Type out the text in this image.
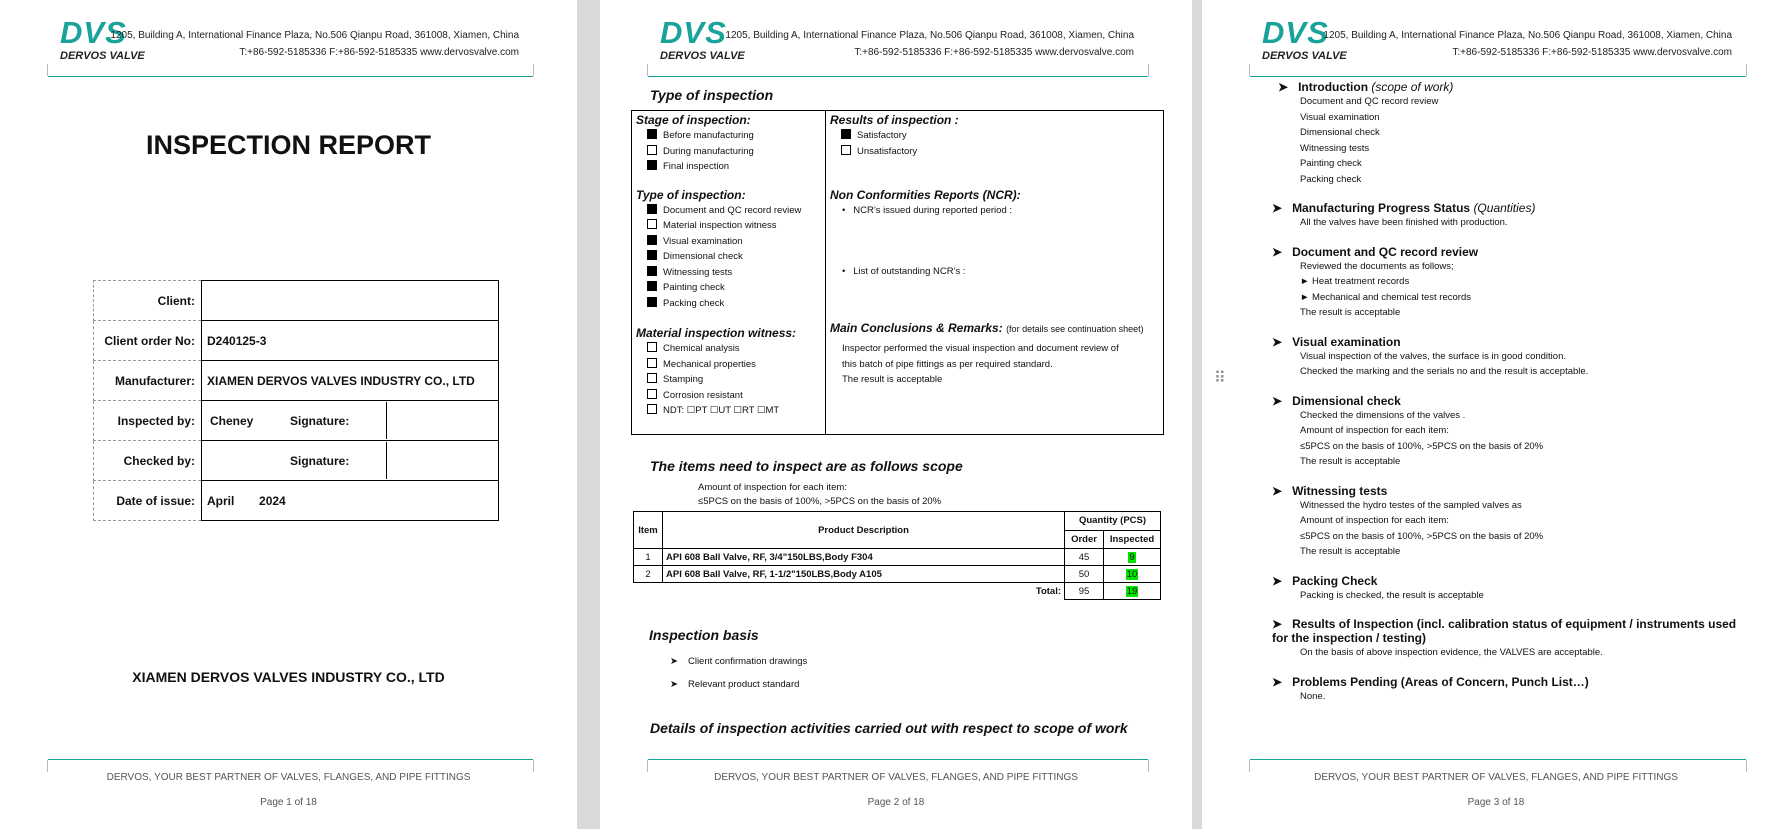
DVS
DERVOS VALVE
1205, Building A, International Finance Plaza, No.506 Qianpu Road, 361008, Xiamen, China
T:+86-592-5185336 F:+86-592-5185335 www.dervosvalve.com
INSPECTION REPORT
Client:	
Client order No:	D240125-3
Manufacturer:	XIAMEN DERVOS VALVES INDUSTRY CO., LTD
Inspected by:	Cheney Signature:

Checked by:	Signature:

Date of issue:	April 2024
XIAMEN DERVOS VALVES INDUSTRY CO., LTD
DERVOS, YOUR BEST PARTNER OF VALVES, FLANGES, AND PIPE FITTINGS
Page 1 of 18
DVS
DERVOS VALVE
1205, Building A, International Finance Plaza, No.506 Qianpu Road, 361008, Xiamen, China
T:+86-592-5185336 F:+86-592-5185335 www.dervosvalve.com
Type of inspection
Stage of inspection:
Before manufacturing
During manufacturing
Final inspection
Type of inspection:
Document and QC record review
Material inspection witness
Visual examination
Dimensional check
Witnessing tests
Painting check
Packing check
Material inspection witness:
Chemical analysis
Mechanical properties
Stamping
Corrosion resistant
NDT: ☐PT ☐UT ☐RT ☐MT
Results of inspection :
Satisfactory
Unsatisfactory
Non Conformities Reports (NCR):
•   NCR’s issued during reported period :
•   List of outstanding NCR’s :
Main Conclusions & Remarks: (for details see continuation sheet)
Inspector performed the visual inspection and document review of
this batch of pipe fittings as per required standard.
The result is acceptable
The items need to inspect are as follows scope
Amount of inspection for each item:
≤5PCS on the basis of 100%, >5PCS on the basis of 20%
Item	Product Description	Quantity (PCS)	
		Order	Inspected
1	API 608 Ball Valve, RF, 3/4"150LBS,Body F304	45	9
2	API 608 Ball Valve, RF, 1-1/2"150LBS,Body A105	50	10
Total:		95	19
Inspection basis
➤ Client confirmation drawings
➤ Relevant product standard
Details of inspection activities carried out with respect to scope of work
DERVOS, YOUR BEST PARTNER OF VALVES, FLANGES, AND PIPE FITTINGS
Page 2 of 18
DVS
DERVOS VALVE
1205, Building A, International Finance Plaza, No.506 Qianpu Road, 361008, Xiamen, China
T:+86-592-5185336 F:+86-592-5185335 www.dervosvalve.com
➤ Introduction (scope of work)
Document and QC record review
Visual examination
Dimensional check
Witnessing tests
Painting check
Packing check
➤ Manufacturing Progress Status (Quantities)
All the valves have been finished with production.
➤ Document and QC record review
Reviewed the documents as follows;
► Heat treatment records
► Mechanical and chemical test records
The result is acceptable
➤ Visual examination
Visual inspection of the valves, the surface is in good condition.
Checked the marking and the serials no and the result is acceptable.
➤ Dimensional check
Checked the dimensions of the valves .
Amount of inspection for each item:
≤5PCS on the basis of 100%, >5PCS on the basis of 20%
The result is acceptable
➤ Witnessing tests
Witnessed the hydro testes of the sampled valves as
Amount of inspection for each item:
≤5PCS on the basis of 100%, >5PCS on the basis of 20%
The result is acceptable
➤ Packing Check
Packing is checked, the result is acceptable
➤ Results of Inspection (incl. calibration status of equipment / instruments used for the inspection / testing)
On the basis of above inspection evidence, the VALVES are acceptable.
➤ Problems Pending (Areas of Concern, Punch List…)
None.
DERVOS, YOUR BEST PARTNER OF VALVES, FLANGES, AND PIPE FITTINGS
Page 3 of 18
⠿
